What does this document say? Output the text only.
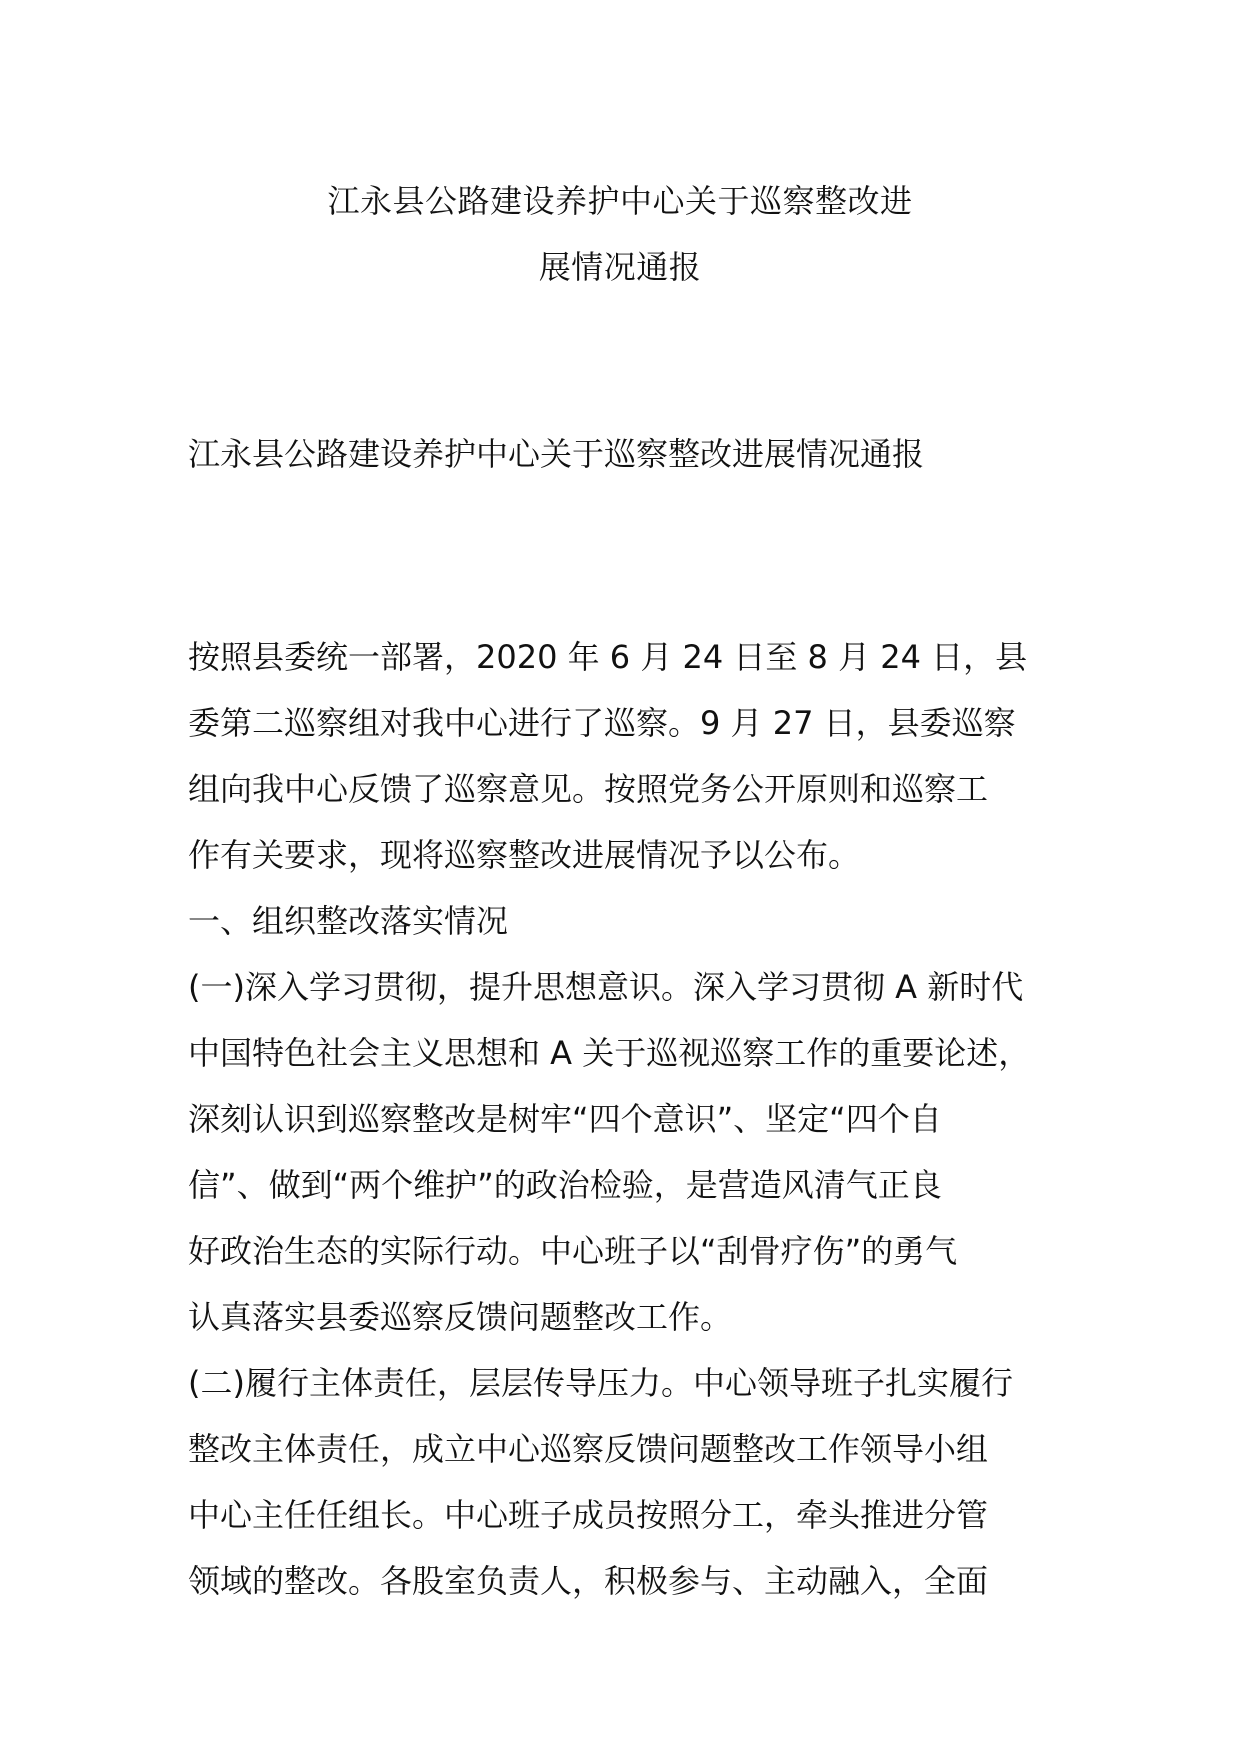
江永县公路建设养护中心关于巡察整改进
展情况通报
江永县公路建设养护中心关于巡察整改进展情况通报
按照县委统一部署，2020 年 6 月 24 日至 8 月 24 日，县
委第二巡察组对我中心进行了巡察。9 月 27 日，县委巡察
组向我中心反馈了巡察意见。按照党务公开原则和巡察工
作有关要求，现将巡察整改进展情况予以公布。
一、组织整改落实情况
(一)深入学习贯彻，提升思想意识。深入学习贯彻 A 新时代
中国特色社会主义思想和 A 关于巡视巡察工作的重要论述，
深刻认识到巡察整改是树牢“四个意识”、坚定“四个自
信”、做到“两个维护”的政治检验，是营造风清气正良
好政治生态的实际行动。中心班子以“刮骨疗伤”的勇气
认真落实县委巡察反馈问题整改工作。
(二)履行主体责任，层层传导压力。中心领导班子扎实履行
整改主体责任，成立中心巡察反馈问题整改工作领导小组
中心主任任组长。中心班子成员按照分工，牵头推进分管
领域的整改。各股室负责人，积极参与、主动融入，全面
